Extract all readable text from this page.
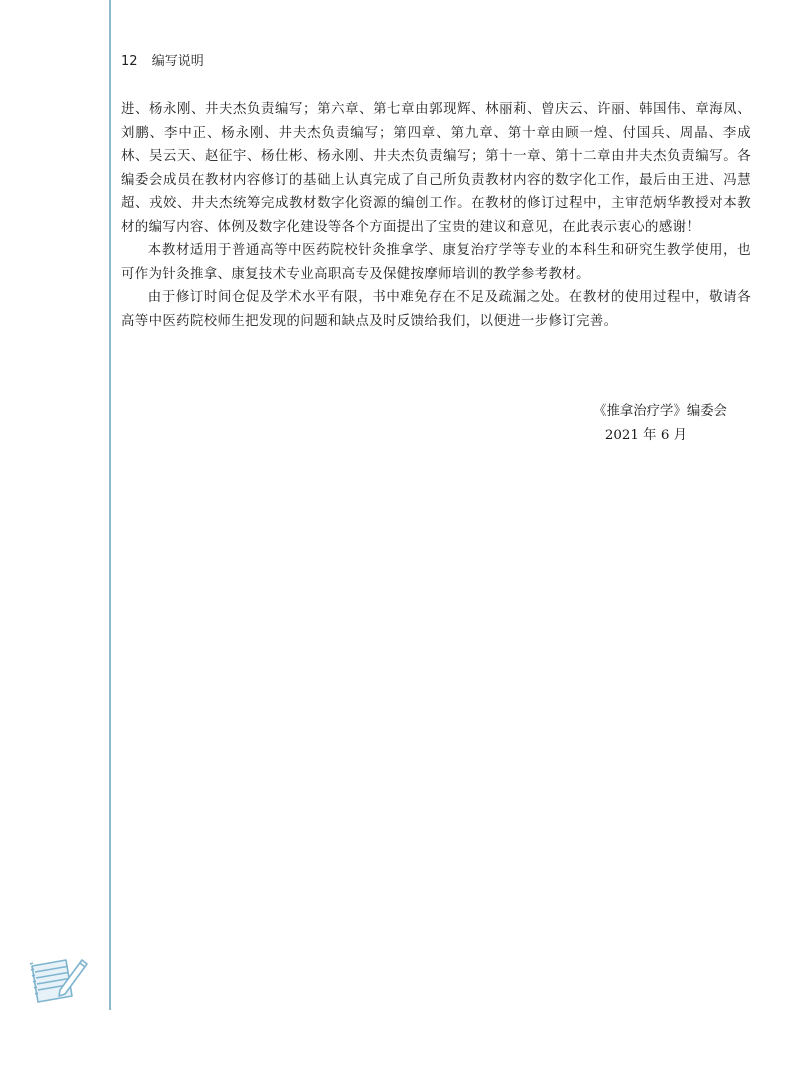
12 编写说明

进、杨永刚、井夫杰负责编写；第六章、第七章由郭现辉、林丽莉、曾庆云、许丽、韩国伟、章海凤、刘鹏、李中正、杨永刚、井夫杰负责编写；第四章、第九章、第十章由顾一煌、付国兵、周晶、李成林、吴云天、赵征宇、杨仕彬、杨永刚、井夫杰负责编写；第十一章、第十二章由井夫杰负责编写。各编委会成员在教材内容修订的基础上认真完成了自己所负责教材内容的数字化工作，最后由王进、冯慧超、戎姣、井夫杰统筹完成教材数字化资源的编创工作。在教材的修订过程中，主审范炳华教授对本教材的编写内容、体例及数字化建设等各个方面提出了宝贵的建议和意见，在此表示衷心的感谢！

本教材适用于普通高等中医药院校针灸推拿学、康复治疗学等专业的本科生和研究生教学使用，也可作为针灸推拿、康复技术专业高职高专及保健按摩师培训的教学参考教材。

由于修订时间仓促及学术水平有限，书中难免存在不足及疏漏之处。在教材的使用过程中，敬请各高等中医药院校师生把发现的问题和缺点及时反馈给我们，以便进一步修订完善。

《推拿治疗学》编委会
2021 年 6 月
